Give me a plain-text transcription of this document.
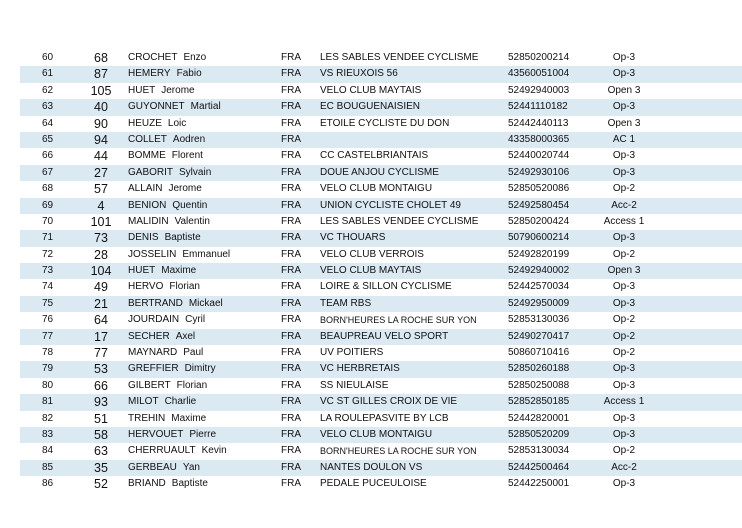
60	68	CROCHET Enzo	FRA LES SABLES VENDEE CYCLISME	52850200214	Op-3
61	87	HEMERY Fabio	FRA VS RIEUXOIS 56	43560051004	Op-3
62	105	HUET Jerome	FRA VELO CLUB MAYTAIS	52492940003	Open 3
63	40	GUYONNET Martial	FRA EC BOUGUENAISIEN	52441110182	Op-3
64	90	HEUZE Loic	FRA ETOILE CYCLISTE DU DON	52442440113	Open 3
65	94	COLLET Aodren	FRA	43358000365	AC 1
66	44	BOMME Florent	FRA CC CASTELBRIANTAIS	52440020744	Op-3
67	27	GABORIT Sylvain	FRA DOUE ANJOU CYCLISME	52492930106	Op-3
68	57	ALLAIN Jerome	FRA VELO CLUB MONTAIGU	52850520086	Op-2
69	4	BENION Quentin	FRA UNION CYCLISTE CHOLET 49	52492580454	Acc-2
70	101	MALIDIN Valentin	FRA LES SABLES VENDEE CYCLISME	52850200424	Access 1
71	73	DENIS Baptiste	FRA VC THOUARS	50790600214	Op-3
72	28	JOSSELIN Emmanuel	FRA VELO CLUB VERROIS	52492820199	Op-2
73	104	HUET Maxime	FRA VELO CLUB MAYTAIS	52492940002	Open 3
74	49	HERVO Florian	FRA LOIRE & SILLON CYCLISME	52442570034	Op-3
75	21	BERTRAND Mickael	FRA TEAM RBS	52492950009	Op-3
76	64	JOURDAIN Cyril	FRA BORN'HEURES LA ROCHE SUR YON	52853130036	Op-2
77	17	SECHER Axel	FRA BEAUPREAU VELO SPORT	52490270417	Op-2
78	77	MAYNARD Paul	FRA UV POITIERS	50860710416	Op-2
79	53	GREFFIER Dimitry	FRA VC HERBRETAIS	52850260188	Op-3
80	66	GILBERT Florian	FRA SS NIEULAISE	52850250088	Op-3
81	93	MILOT Charlie	FRA VC ST GILLES CROIX DE VIE	52852850185	Access 1
82	51	TREHIN Maxime	FRA LA ROULEPASVITE BY LCB	52442820001	Op-3
83	58	HERVOUET Pierre	FRA VELO CLUB MONTAIGU	52850520209	Op-3
84	63	CHERRUAULT Kevin	FRA BORN'HEURES LA ROCHE SUR YON	52853130034	Op-2
85	35	GERBEAU Yan	FRA NANTES DOULON VS	52442500464	Acc-2
86	52	BRIAND Baptiste	FRA PEDALE PUCEULOISE	52442250001	Op-3
